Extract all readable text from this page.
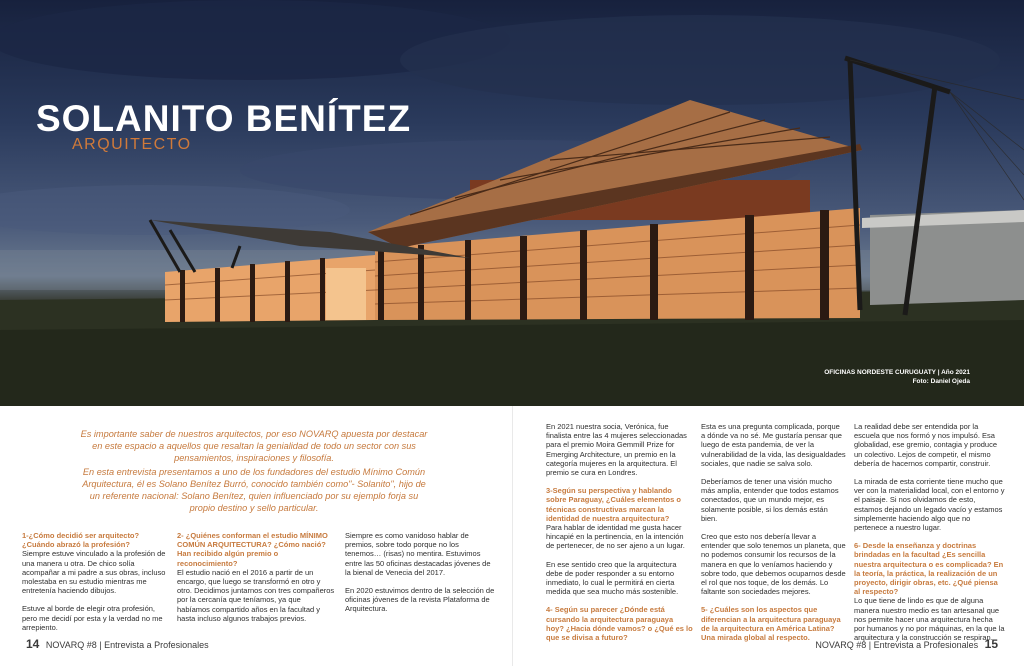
SOLANITO BENÍTEZ
ARQUITECTO
OFICINAS NORDESTE CURUGUATY | Año 2021
Foto: Daniel Ojeda
Es importante saber de nuestros arquitectos, por eso NOVARQ apuesta por destacar en este espacio a aquellos que resaltan la genialidad de todo un sector con sus pensamientos, inspiraciones y filosofía.
En esta entrevista presentamos a uno de los fundadores del estudio Mínimo Común Arquitectura, él es Solano Benítez Burró, conocido también como"- Solanito", hijo de un referente nacional: Solano Benítez, quien influenciado por su ejemplo forja su propio destino y sello particular.
1-¿Cómo decidió ser arquitecto? ¿Cuándo abrazó la profesión?

Siempre estuve vinculado a la profesión de una manera u otra. De chico solía acompañar a mi padre a sus obras, incluso molestaba en su estudio mientras me entretenía haciendo dibujos.

Estuve al borde de elegir otra profesión, pero me decidí por esta y la verdad no me arrepiento.

2- ¿Quiénes conforman el estudio MÍNIMO COMÚN ARQUITECTURA? ¿Cómo nació? Han recibido algún premio o reconocimiento?

El estudio nació en el 2016 a partir de un encargo, que luego se transformó en otro y otro. Decidimos juntarnos con tres compañeros por la cercanía que teníamos, ya que habíamos compartido años en la facultad y hasta incluso algunos trabajos previos.

Siempre es como vanidoso hablar de premios, sobre todo porque no los tenemos… (risas) no mentira. Estuvimos entre las 50 oficinas destacadas jóvenes de la bienal de Venecia del 2017.

En 2020 estuvimos dentro de la selección de oficinas jóvenes de la revista Plataforma de Arquitectura.

En 2021 nuestra socia, Verónica, fue finalista entre las 4 mujeres seleccionadas para el premio Moira Gemmill Prize for Emerging Architecture, un premio en la categoría mujeres en la arquitectura. El premio se cura en Londres.

3-Según su perspectiva y hablando sobre Paraguay, ¿Cuáles elementos o técnicas constructivas marcan la identidad de nuestra arquitectura?

Para hablar de identidad me gusta hacer hincapié en la pertinencia, en la intención de pertenecer, de no ser ajeno a un lugar.

En ese sentido creo que la arquitectura debe de poder responder a su entorno inmediato, lo cual le permitirá en cierta medida que sea mucho más sostenible.

4- Según su parecer ¿Dónde está cursando la arquitectura paraguaya hoy? ¿Hacia dónde vamos? o ¿Qué es lo que se divisa a futuro?

Esta es una pregunta complicada, porque a dónde va no sé. Me gustaría pensar que luego de esta pandemia, de ver la vulnerabilidad de la vida, las desigualdades sociales, que nadie se salva solo.

Deberíamos de tener una visión mucho más amplia, entender que todos estamos conectados, que un mundo mejor, es solamente posible, si los demás están bien.

Creo que esto nos debería llevar a entender que solo tenemos un planeta, que no podemos consumir los recursos de la manera en que lo veníamos haciendo y sobre todo, que debemos ocuparnos desde el rol que nos toque, de los demás. Lo faltante son sociedades mejores.

5- ¿Cuáles son los aspectos que diferencian a la arquitectura paraguaya de la arquitectura en América Latina? Una mirada global al respecto.

La realidad debe ser entendida por la escuela que nos formó y nos impulsó. Esa globalidad, ese gremio, contagia y produce un colectivo. Lejos de competir, el mismo debería de hacernos compartir, construir.

La mirada de esta corriente tiene mucho que ver con la materialidad local, con el entorno y el paisaje. Si nos olvidamos de esto, estamos dejando un legado vacío y estamos simplemente haciendo algo que no pertenece a nuestro lugar.

6- Desde la enseñanza y doctrinas brindadas en la facultad ¿Es sencilla nuestra arquitectura o es complicada? En la teoría, la práctica, la realización de un proyecto, dirigir obras, etc. ¿Qué piensa al respecto?

Lo que tiene de lindo es que de alguna manera nuestro medio es tan artesanal que nos permite hacer una arquitectura hecha por humanos y no por máquinas, en la que la arquitectura y la construcción se respiran.

14 NOVARQ #8 | Entrevista a Profesionales	NOVARQ #8 | Entrevista a Profesionales 15
